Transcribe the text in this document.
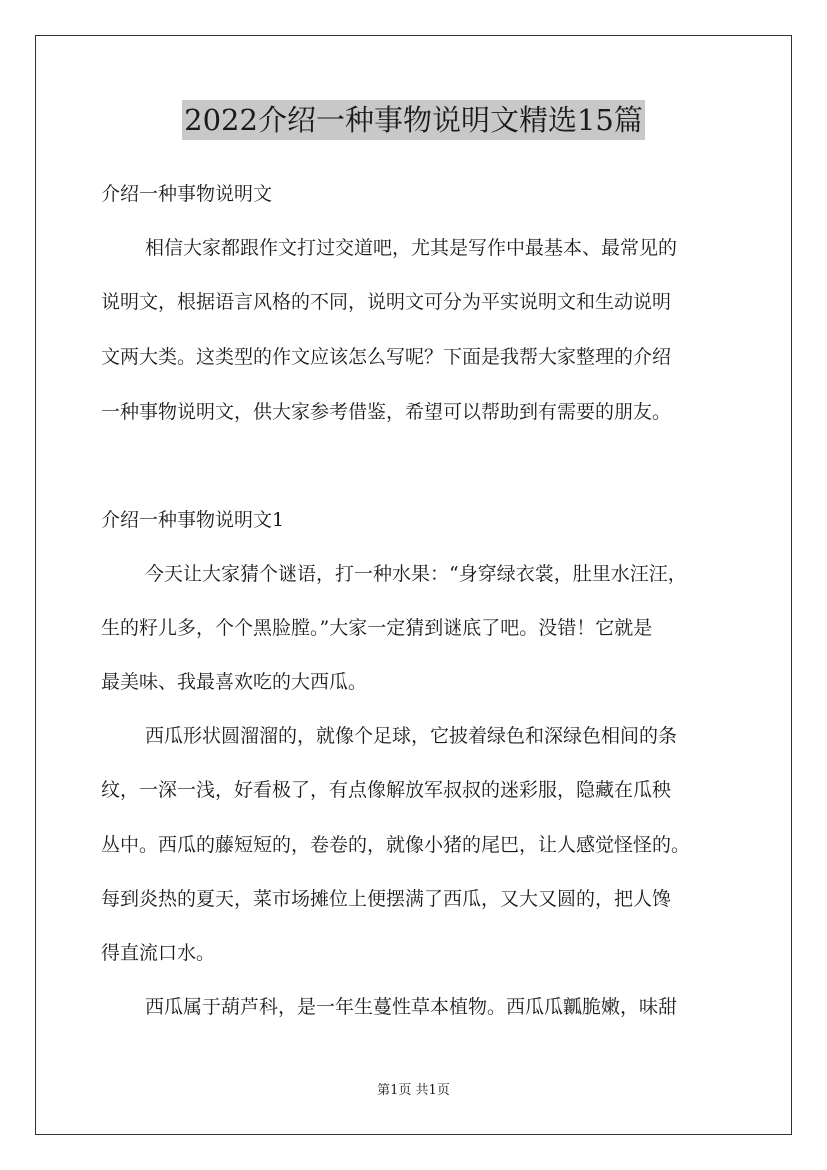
2022介绍一种事物说明文精选15篇
介绍一种事物说明文
相信大家都跟作文打过交道吧，尤其是写作中最基本、最常见的
说明文，根据语言风格的不同，说明文可分为平实说明文和生动说明
文两大类。这类型的作文应该怎么写呢？下面是我帮大家整理的介绍
一种事物说明文，供大家参考借鉴，希望可以帮助到有需要的朋友。
介绍一种事物说明文1
今天让大家猜个谜语，打一种水果：“身穿绿衣裳，肚里水汪汪，
生的籽儿多，个个黑脸膛。”大家一定猜到谜底了吧。没错！它就是
最美味、我最喜欢吃的大西瓜。
西瓜形状圆溜溜的，就像个足球，它披着绿色和深绿色相间的条
纹，一深一浅，好看极了，有点像解放军叔叔的迷彩服，隐藏在瓜秧
丛中。西瓜的藤短短的，卷卷的，就像小猪的尾巴，让人感觉怪怪的。
每到炎热的夏天，菜市场摊位上便摆满了西瓜，又大又圆的，把人馋
得直流口水。
西瓜属于葫芦科，是一年生蔓性草本植物。西瓜瓜瓤脆嫩，味甜
第1页 共1页
